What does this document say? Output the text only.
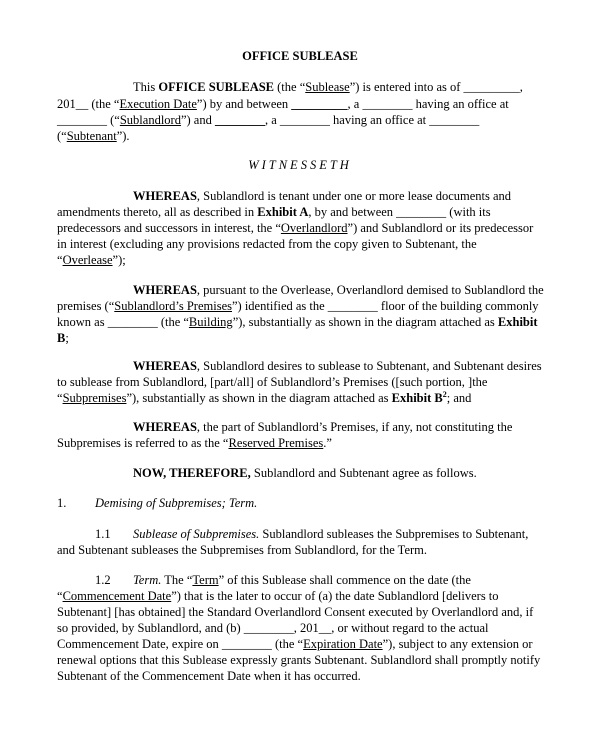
OFFICE SUBLEASE
This OFFICE SUBLEASE (the “Sublease”) is entered into as of _________,
201__ (the “Execution Date”) by and between _________, a ________ having an office at
________ (“Sublandlord”) and ________, a ________ having an office at ________
(“Subtenant”).
WITNESSETH
WHEREAS, Sublandlord is tenant under one or more lease documents and
amendments thereto, all as described in Exhibit A, by and between ________ (with its
predecessors and successors in interest, the “Overlandlord”) and Sublandlord or its predecessor
in interest (excluding any provisions redacted from the copy given to Subtenant, the
“Overlease”);
WHEREAS, pursuant to the Overlease, Overlandlord demised to Sublandlord the
premises (“Sublandlord’s Premises”) identified as the ________ floor of the building commonly
known as ________ (the “Building”), substantially as shown in the diagram attached as Exhibit
B;
WHEREAS, Sublandlord desires to sublease to Subtenant, and Subtenant desires
to sublease from Sublandlord, [part/all] of Sublandlord’s Premises ([such portion, ]the
“Subpremises”), substantially as shown in the diagram attached as Exhibit $B^2$; and
WHEREAS, the part of Sublandlord’s Premises, if any, not constituting the
Subpremises is referred to as the “Reserved Premises.”
NOW, THEREFORE, Sublandlord and Subtenant agree as follows.
1. Demising of Subpremises; Term.
1.1 Sublease of Subpremises. Sublandlord subleases the Subpremises to Subtenant,
and Subtenant subleases the Subpremises from Sublandlord, for the Term.
1.2 Term. The “Term” of this Sublease shall commence on the date (the
“Commencement Date”) that is the later to occur of (a) the date Sublandlord [delivers to
Subtenant] [has obtained] the Standard Overlandlord Consent executed by Overlandlord and, if
so provided, by Sublandlord, and (b) ________, 201__, or without regard to the actual
Commencement Date, expire on ________ (the “Expiration Date”), subject to any extension or
renewal options that this Sublease expressly grants Subtenant. Sublandlord shall promptly notify
Subtenant of the Commencement Date when it has occurred.
